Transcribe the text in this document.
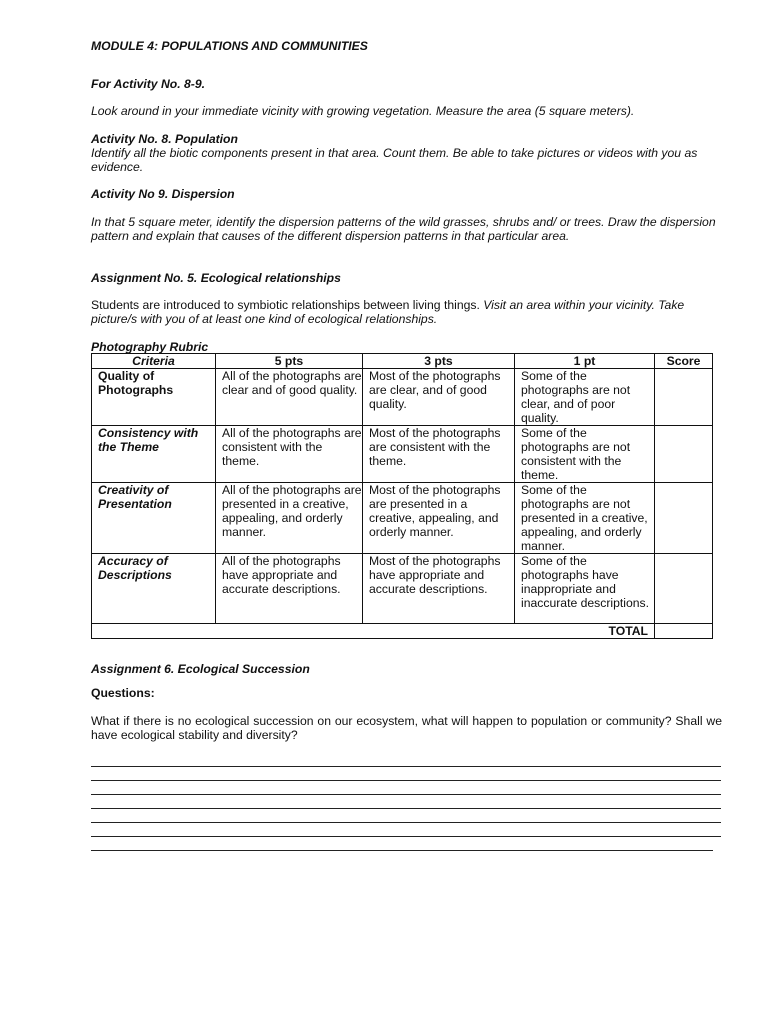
MODULE 4: POPULATIONS AND COMMUNITIES

For Activity No. 8-9.

Look around in your immediate vicinity with growing vegetation. Measure the area (5 square meters).

Activity No. 8. Population

Identify all the biotic components present in that area. Count them. Be able to take pictures or videos with you as evidence.

Activity No 9. Dispersion

In that 5 square meter, identify the dispersion patterns of the wild grasses, shrubs and/ or trees. Draw the dispersion pattern and explain that causes of the different dispersion patterns in that particular area.

Assignment No. 5. Ecological relationships

Students are introduced to symbiotic relationships between living things. Visit an area within your vicinity. Take picture/s with you of at least one kind of ecological relationships.

Photography Rubric

Criteria	5 pts	3 pts	1 pt	Score
Quality of Photographs	All of the photographs are clear and of good quality.	Most of the photographs are clear, and of good quality.	Some of the photographs are not clear, and of poor quality.	
Consistency with the Theme	All of the photographs are consistent with the theme.	Most of the photographs are consistent with the theme.	Some of the photographs are not consistent with the theme.	
Creativity of Presentation	All of the photographs are presented in a creative, appealing, and orderly manner.	Most of the photographs are presented in a creative, appealing, and orderly manner.	Some of the photographs are not presented in a creative, appealing, and orderly manner.	
Accuracy of Descriptions	All of the photographs have appropriate and accurate descriptions.	Most of the photographs have appropriate and accurate descriptions.	Some of the photographs have inappropriate and inaccurate descriptions.	
			TOTAL	

Assignment 6. Ecological Succession

Questions:

What if there is no ecological succession on our ecosystem, what will happen to population or community? Shall we have ecological stability and diversity?
